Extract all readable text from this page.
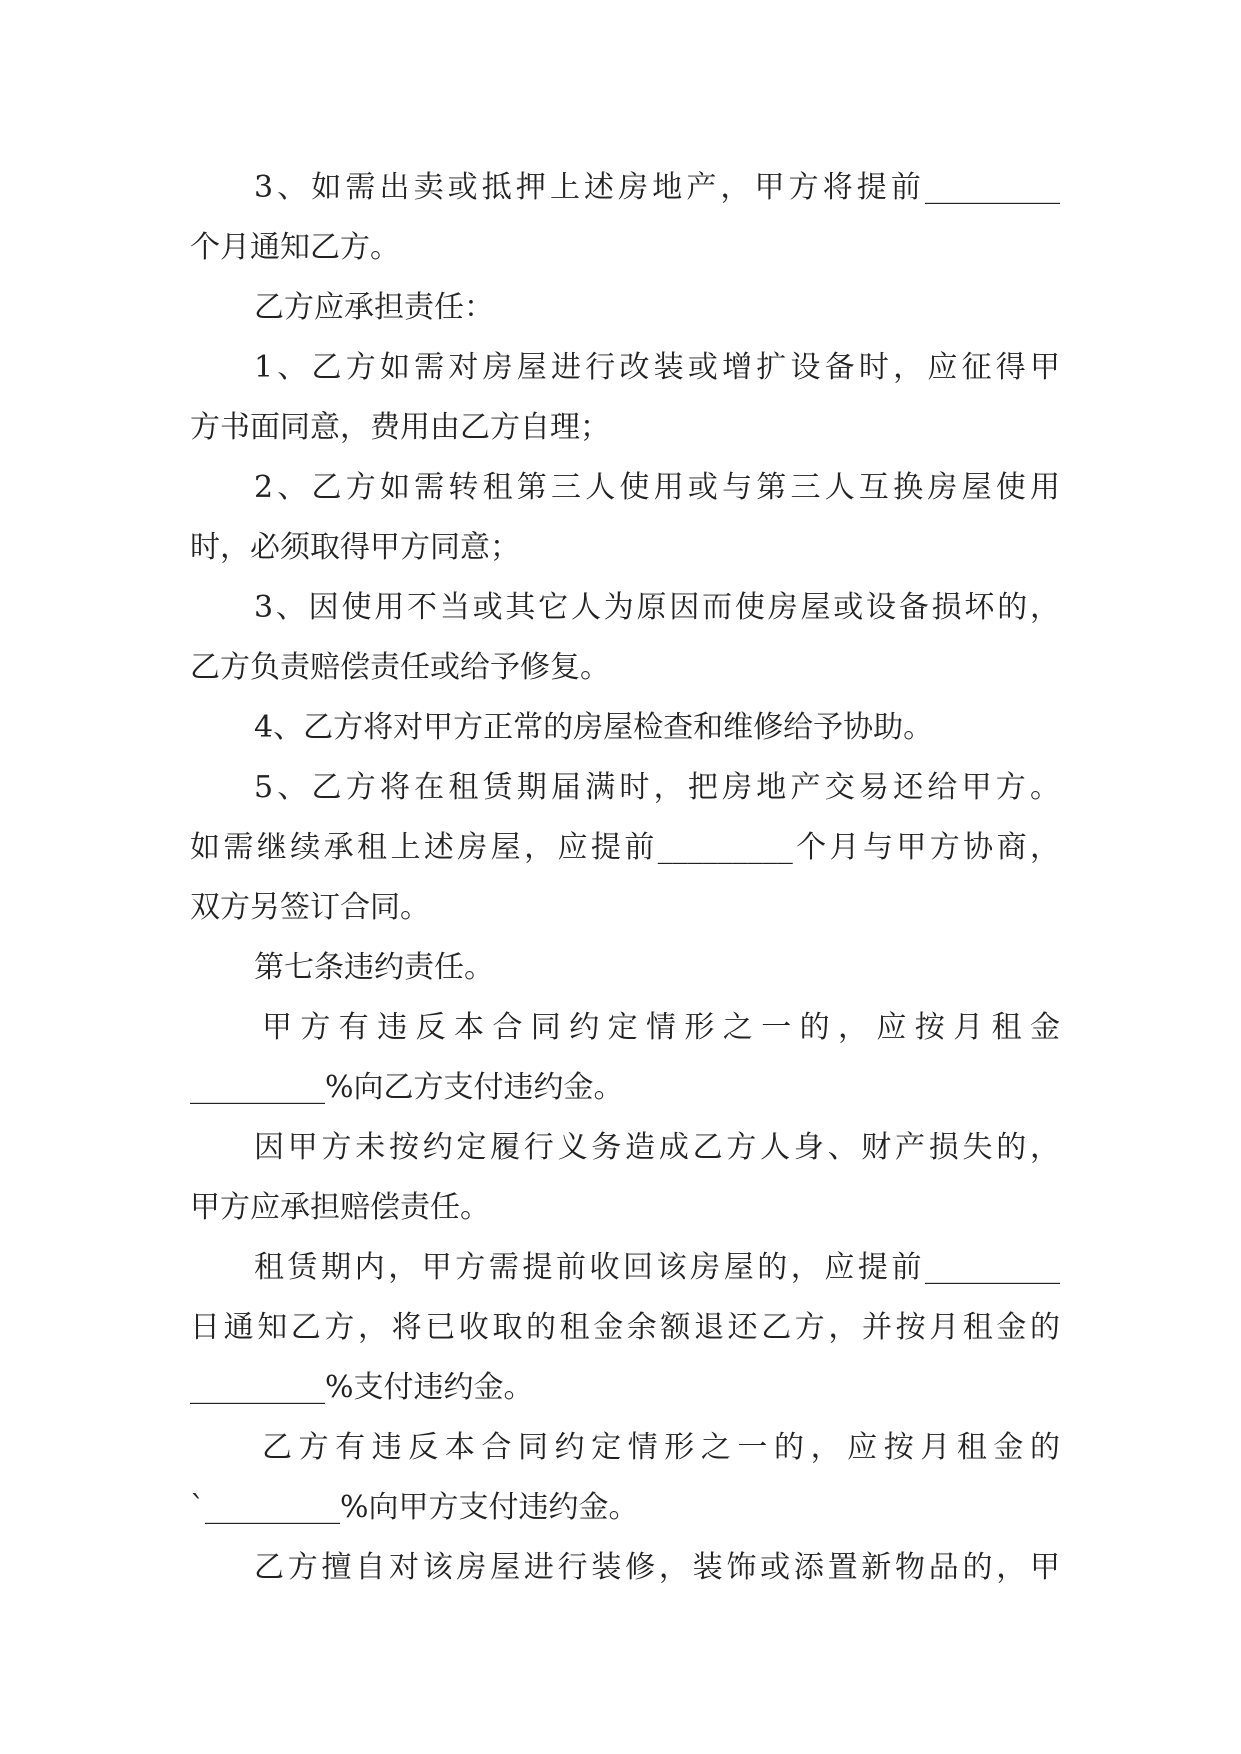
3、如需出卖或抵押上述房地产，甲方将提前_________
个月通知乙方。
乙方应承担责任：
1、乙方如需对房屋进行改装或增扩设备时，应征得甲
方书面同意，费用由乙方自理；
2、乙方如需转租第三人使用或与第三人互换房屋使用
时，必须取得甲方同意；
3、因使用不当或其它人为原因而使房屋或设备损坏的，
乙方负责赔偿责任或给予修复。
4、乙方将对甲方正常的房屋检查和维修给予协助。
5、乙方将在租赁期届满时，把房地产交易还给甲方。
如需继续承租上述房屋，应提前_________个月与甲方协商，
双方另签订合同。
第七条违约责任。
甲方有违反本合同约定情形之一的，应按月租金
_________%向乙方支付违约金。
因甲方未按约定履行义务造成乙方人身、财产损失的，
甲方应承担赔偿责任。
租赁期内，甲方需提前收回该房屋的，应提前_________
日通知乙方，将已收取的租金余额退还乙方，并按月租金的
_________%支付违约金。
乙方有违反本合同约定情形之一的，应按月租金的
`_________%向甲方支付违约金。
乙方擅自对该房屋进行装修，装饰或添置新物品的，甲
